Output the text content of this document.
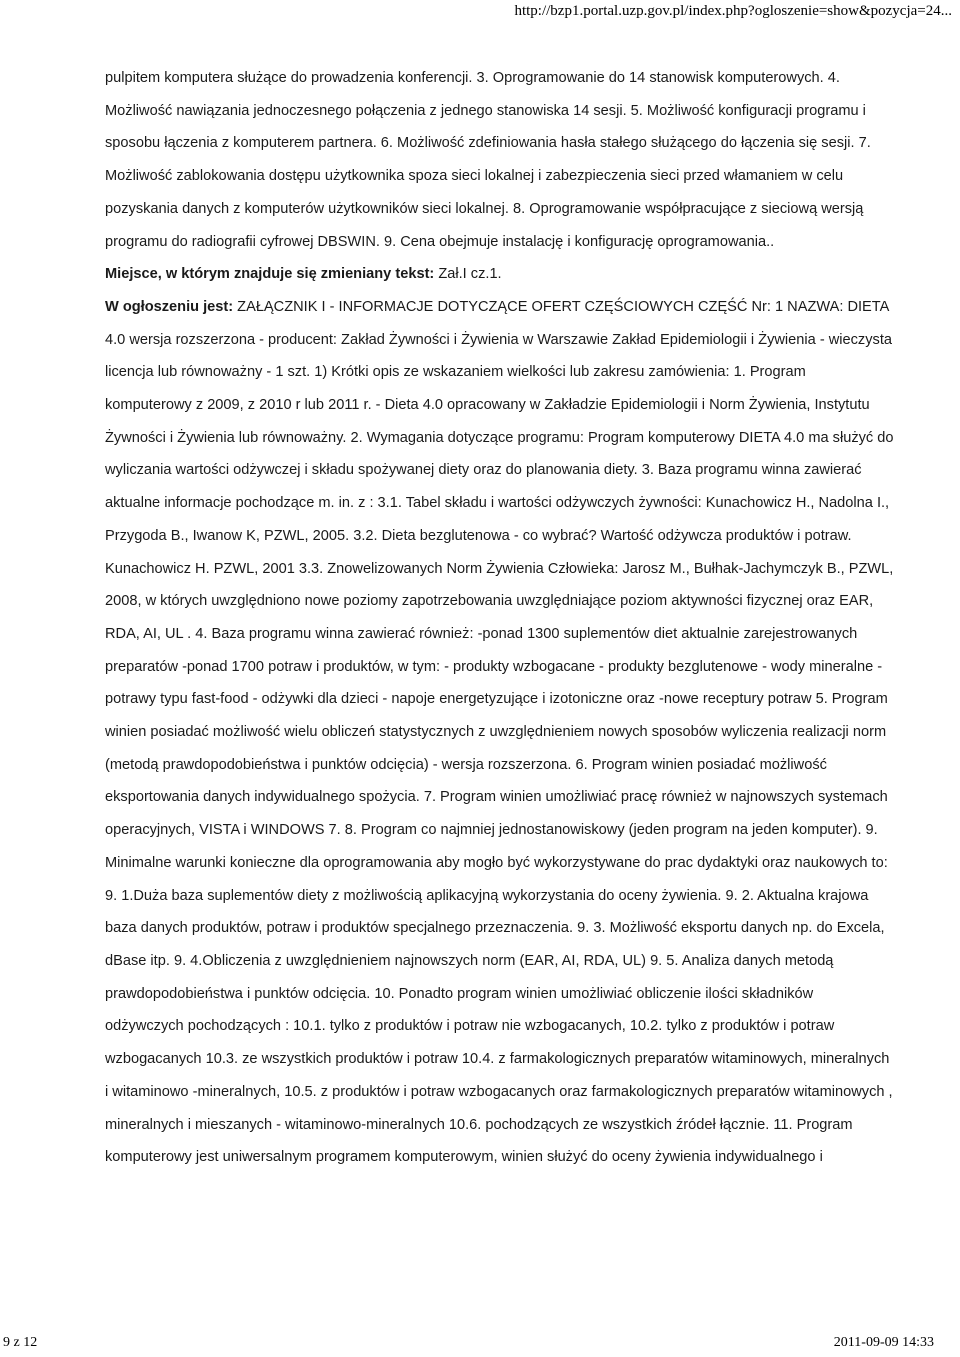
http://bzp1.portal.uzp.gov.pl/index.php?ogloszenie=show&pozycja=24...

pulpitem komputera służące do prowadzenia konferencji. 3. Oprogramowanie do 14 stanowisk komputerowych. 4. Możliwość nawiązania jednoczesnego połączenia z jednego stanowiska 14 sesji. 5. Możliwość konfiguracji programu i sposobu łączenia z komputerem partnera. 6. Możliwość zdefiniowania hasła stałego służącego do łączenia się sesji. 7. Możliwość zablokowania dostępu użytkownika spoza sieci lokalnej i zabezpieczenia sieci przed włamaniem w celu pozyskania danych z komputerów użytkowników sieci lokalnej. 8. Oprogramowanie współpracujące z sieciową wersją programu do radiografii cyfrowej DBSWIN. 9. Cena obejmuje instalację i konfigurację oprogramowania..

Miejsce, w którym znajduje się zmieniany tekst: Zał.I cz.1.

W ogłoszeniu jest: ZAŁĄCZNIK I - INFORMACJE DOTYCZĄCE OFERT CZĘŚCIOWYCH CZĘŚĆ Nr: 1 NAZWA: DIETA 4.0 wersja rozszerzona - producent: Zakład Żywności i Żywienia w Warszawie Zakład Epidemiologii i Żywienia - wieczysta licencja lub równoważny - 1 szt. 1) Krótki opis ze wskazaniem wielkości lub zakresu zamówienia: 1. Program komputerowy z 2009, z 2010 r lub 2011 r. - Dieta 4.0 opracowany w Zakładzie Epidemiologii i Norm Żywienia, Instytutu Żywności i Żywienia lub równoważny. 2. Wymagania dotyczące programu: Program komputerowy DIETA 4.0 ma służyć do wyliczania wartości odżywczej i składu spożywanej diety oraz do planowania diety. 3. Baza programu winna zawierać aktualne informacje pochodzące m. in. z : 3.1. Tabel składu i wartości odżywczych żywności: Kunachowicz H., Nadolna I., Przygoda B., Iwanow K, PZWL, 2005. 3.2. Dieta bezglutenowa - co wybrać? Wartość odżywcza produktów i potraw. Kunachowicz H. PZWL, 2001 3.3. Znowelizowanych Norm Żywienia Człowieka: Jarosz M., Bułhak-Jachymczyk B., PZWL, 2008, w których uwzględniono nowe poziomy zapotrzebowania uwzględniające poziom aktywności fizycznej oraz EAR, RDA, AI, UL . 4. Baza programu winna zawierać również: -ponad 1300 suplementów diet aktualnie zarejestrowanych preparatów -ponad 1700 potraw i produktów, w tym: - produkty wzbogacane - produkty bezglutenowe - wody mineralne - potrawy typu fast-food - odżywki dla dzieci - napoje energetyzujące i izotoniczne oraz -nowe receptury potraw 5. Program winien posiadać możliwość wielu obliczeń statystycznych z uwzględnieniem nowych sposobów wyliczenia realizacji norm (metodą prawdopodobieństwa i punktów odcięcia) - wersja rozszerzona. 6. Program winien posiadać możliwość eksportowania danych indywidualnego spożycia. 7. Program winien umożliwiać pracę również w najnowszych systemach operacyjnych, VISTA i WINDOWS 7. 8. Program co najmniej jednostanowiskowy (jeden program na jeden komputer). 9. Minimalne warunki konieczne dla oprogramowania aby mogło być wykorzystywane do prac dydaktyki oraz naukowych to: 9. 1.Duża baza suplementów diety z możliwością aplikacyjną wykorzystania do oceny żywienia. 9. 2. Aktualna krajowa baza danych produktów, potraw i produktów specjalnego przeznaczenia. 9. 3. Możliwość eksportu danych np. do Excela, dBase itp. 9. 4.Obliczenia z uwzględnieniem najnowszych norm (EAR, AI, RDA, UL) 9. 5. Analiza danych metodą prawdopodobieństwa i punktów odcięcia. 10. Ponadto program winien umożliwiać obliczenie ilości składników odżywczych pochodzących : 10.1. tylko z produktów i potraw nie wzbogacanych, 10.2. tylko z produktów i potraw wzbogacanych 10.3. ze wszystkich produktów i potraw 10.4. z farmakologicznych preparatów witaminowych, mineralnych i witaminowo -mineralnych, 10.5. z produktów i potraw wzbogacanych oraz farmakologicznych preparatów witaminowych , mineralnych i mieszanych - witaminowo-mineralnych 10.6. pochodzących ze wszystkich źródeł łącznie. 11. Program komputerowy jest uniwersalnym programem komputerowym, winien służyć do oceny żywienia indywidualnego i

9 z 12	2011-09-09 14:33
